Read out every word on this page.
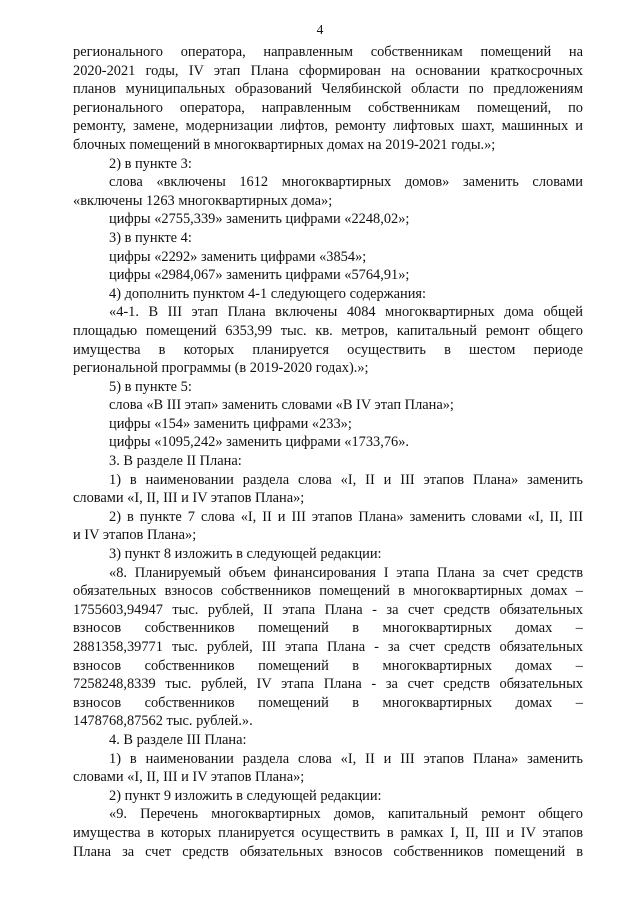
4
регионального оператора, направленным собственникам помещений на
2020-2021 годы, IV этап Плана сформирован на основании краткосрочных
планов муниципальных образований Челябинской области по предложениям
регионального оператора, направленным собственникам помещений, по
ремонту, замене, модернизации лифтов, ремонту лифтовых шахт, машинных и
блочных помещений в многоквартирных домах на 2019-2021 годы.»;
2) в пункте 3:
слова «включены 1612 многоквартирных домов» заменить словами
«включены 1263 многоквартирных дома»;
цифры «2755,339» заменить цифрами «2248,02»;
3) в пункте 4:
цифры «2292» заменить цифрами «3854»;
цифры «2984,067» заменить цифрами «5764,91»;
4) дополнить пунктом 4-1 следующего содержания:
«4-1. В III этап Плана включены 4084 многоквартирных дома общей
площадью помещений 6353,99 тыс. кв. метров, капитальный ремонт общего
имущества в которых планируется осуществить в шестом периоде
региональной программы (в 2019-2020 годах).»;
5) в пункте 5:
слова «В III этап» заменить словами «В IV этап Плана»;
цифры «154» заменить цифрами «233»;
цифры «1095,242» заменить цифрами «1733,76».
3. В разделе II Плана:
1) в наименовании раздела слова «I, II и III этапов Плана» заменить
словами «I, II, III и IV этапов Плана»;
2) в пункте 7 слова «I, II и III этапов Плана» заменить словами «I, II, III
и IV этапов Плана»;
3) пункт 8 изложить в следующей редакции:
«8. Планируемый объем финансирования I этапа Плана за счет средств
обязательных взносов собственников помещений в многоквартирных домах –
1755603,94947 тыс. рублей, II этапа Плана - за счет средств обязательных
взносов собственников помещений в многоквартирных домах –
2881358,39771 тыс. рублей, III этапа Плана - за счет средств обязательных
взносов собственников помещений в многоквартирных домах –
7258248,8339 тыс. рублей, IV этапа Плана - за счет средств обязательных
взносов собственников помещений в многоквартирных домах –
1478768,87562 тыс. рублей.».
4. В разделе III Плана:
1) в наименовании раздела слова «I, II и III этапов Плана» заменить
словами «I, II, III и IV этапов Плана»;
2) пункт 9 изложить в следующей редакции:
«9. Перечень многоквартирных домов, капитальный ремонт общего
имущества в которых планируется осуществить в рамках I, II, III и IV этапов
Плана за счет средств обязательных взносов собственников помещений в
